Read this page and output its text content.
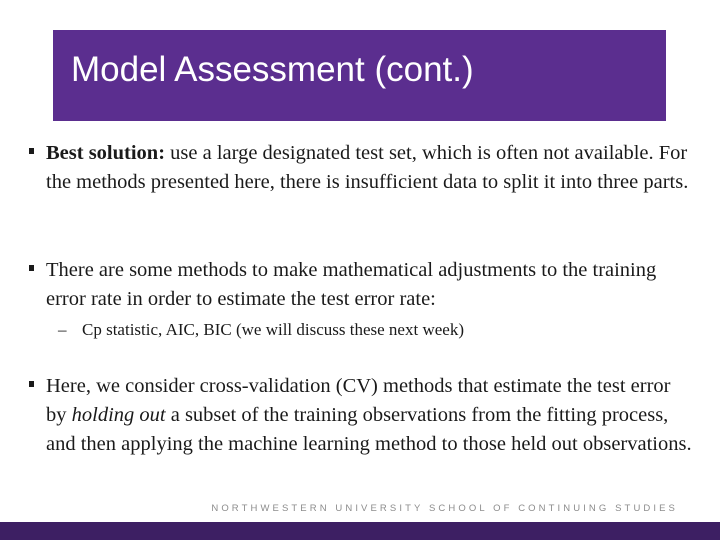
Model Assessment (cont.)
Best solution: use a large designated test set, which is often not available. For the methods presented here, there is insufficient data to split it into three parts.
There are some methods to make mathematical adjustments to the training error rate in order to estimate the test error rate:
– Cp statistic, AIC, BIC (we will discuss these next week)
Here, we consider cross-validation (CV) methods that estimate the test error by holding out a subset of the training observations from the fitting process, and then applying the machine learning method to those held out observations.
NORTHWESTERN UNIVERSITY SCHOOL OF CONTINUING STUDIES
